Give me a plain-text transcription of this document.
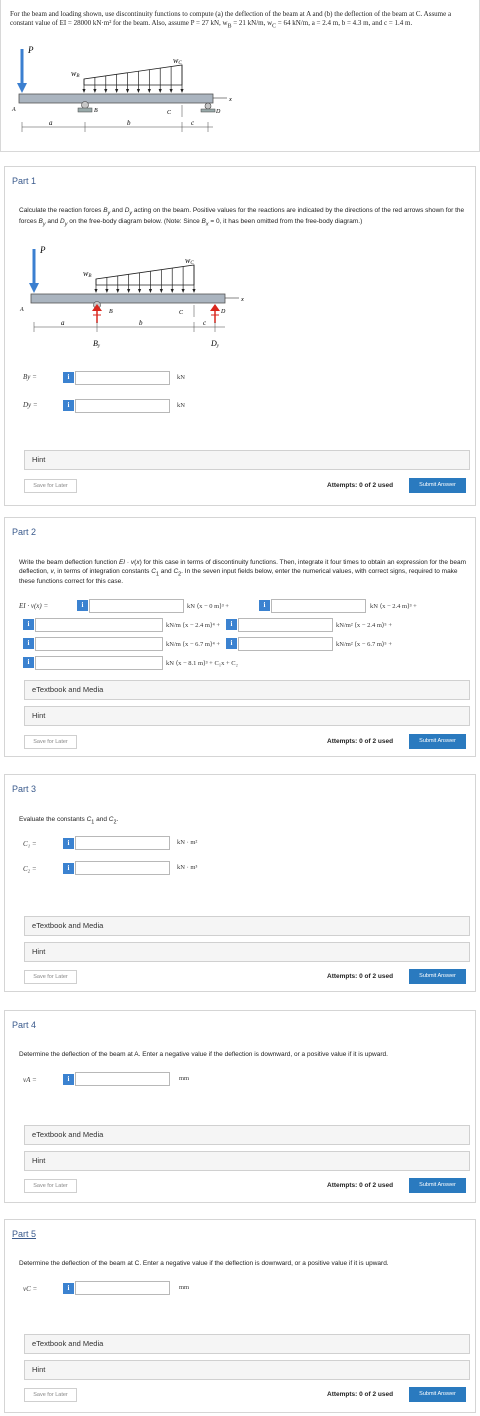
For the beam and loading shown, use discontinuity functions to compute (a) the deflection of the beam at A and (b) the deflection of the beam at C. Assume a constant value of EI = 28000 kN·m² for the beam. Also, assume P = 27 kN, $w_B = 21$ kN/m, $w_C = 64$ kN/m, a = 2.4 m, b = 4.3 m, and c = 1.4 m.
P
wB
wC
x
B	D
A	C
a	b	c
Part 1
Calculate the reaction forces $B_y$ and $D_y$ acting on the beam. Positive values for the reactions are indicated by the directions of the red arrows shown for the forces $B_y$ and $D_y$ on the free-body diagram below. (Note: Since $B_x = 0$, it has been omitted from the free-body diagram.)
P
wB
wC
x
B	D
A	C
a	b	c
By	Dy
By =	i	kN
Dy =	i	kN
Hint
Save for Later	Attempts: 0 of 2 used	Submit Answer
Part 2
Write the beam deflection function EI · v(x) for this case in terms of discontinuity functions. Then, integrate it four times to obtain an expression for the beam deflection, v, in terms of integration constants $C_1$ and $C_2$. In the seven input fields below, enter the numerical values, with correct signs, required to make these functions correct for this case.
EI · v(x) =	i	kN ⟨x − 0 m⟩³ +	i	kN ⟨x − 2.4 m⟩³ +
i	kN/m ⟨x − 2.4 m⟩⁴ +	i	kN/m² ⟨x − 2.4 m⟩⁵ +
i	kN/m ⟨x − 6.7 m⟩⁴ +	i	kN/m² ⟨x − 6.7 m⟩⁵ +
i	kN ⟨x − 8.1 m⟩³ + C₁x + C₂
eTextbook and Media
Hint
Save for Later	Attempts: 0 of 2 used	Submit Answer
Part 3
Evaluate the constants $C_1$ and $C_2$.
C₁ =	i	kN · m²
C₂ =	i	kN · m³
eTextbook and Media
Hint
Save for Later	Attempts: 0 of 2 used	Submit Answer
Part 4
Determine the deflection of the beam at A. Enter a negative value if the deflection is downward, or a positive value if it is upward.
vA =	i	mm
eTextbook and Media
Hint
Save for Later	Attempts: 0 of 2 used	Submit Answer
Part 5
Determine the deflection of the beam at C. Enter a negative value if the deflection is downward, or a positive value if it is upward.
vC =	i	mm
eTextbook and Media
Hint
Save for Later	Attempts: 0 of 2 used	Submit Answer
